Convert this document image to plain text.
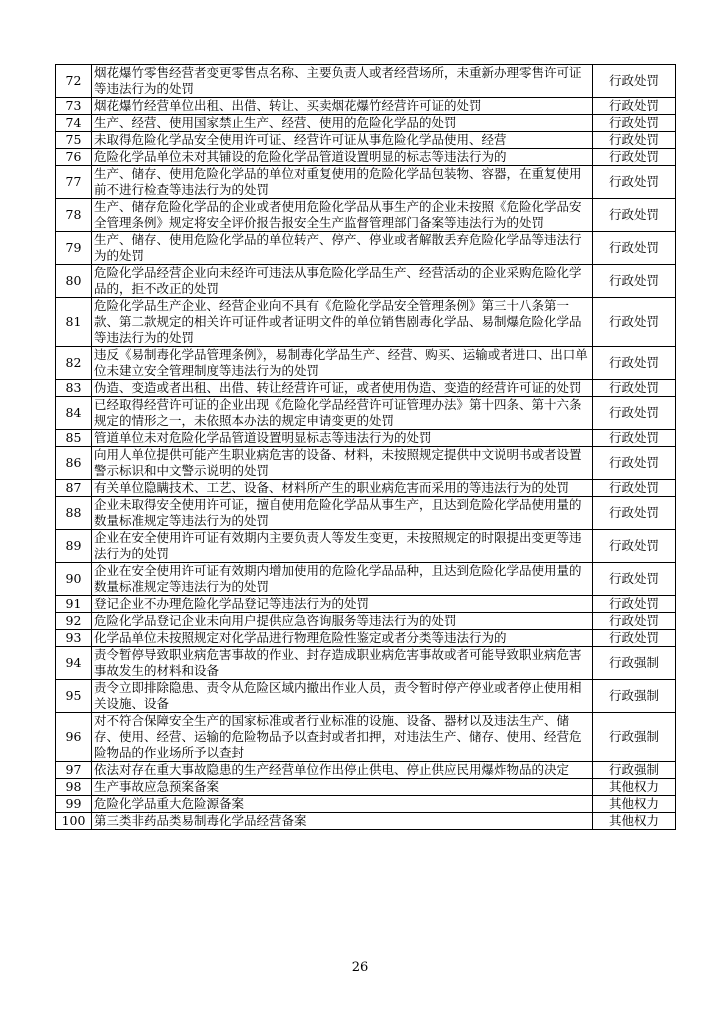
72	烟花爆竹零售经营者变更零售点名称、主要负责人或者经营场所，未重新办理零售许可证等违法行为的处罚	行政处罚
73	烟花爆竹经营单位出租、出借、转让、买卖烟花爆竹经营许可证的处罚	行政处罚
74	生产、经营、使用国家禁止生产、经营、使用的危险化学品的处罚	行政处罚
75	未取得危险化学品安全使用许可证、经营许可证从事危险化学品使用、经营	行政处罚
76	危险化学品单位未对其铺设的危险化学品管道设置明显的标志等违法行为的	行政处罚
77	生产、储存、使用危险化学品的单位对重复使用的危险化学品包装物、容器，在重复使用前不进行检查等违法行为的处罚	行政处罚
78	生产、储存危险化学品的企业或者使用危险化学品从事生产的企业未按照《危险化学品安全管理条例》规定将安全评价报告报安全生产监督管理部门备案等违法行为的处罚	行政处罚
79	生产、储存、使用危险化学品的单位转产、停产、停业或者解散丢弃危险化学品等违法行为的处罚	行政处罚
80	危险化学品经营企业向未经许可违法从事危险化学品生产、经营活动的企业采购危险化学品的，拒不改正的处罚	行政处罚
81	危险化学品生产企业、经营企业向不具有《危险化学品安全管理条例》第三十八条第一款、第二款规定的相关许可证件或者证明文件的单位销售剧毒化学品、易制爆危险化学品等违法行为的处罚	行政处罚
82	违反《易制毒化学品管理条例》，易制毒化学品生产、经营、购买、运输或者进口、出口单位未建立安全管理制度等违法行为的处罚	行政处罚
83	伪造、变造或者出租、出借、转让经营许可证，或者使用伪造、变造的经营许可证的处罚	行政处罚
84	已经取得经营许可证的企业出现《危险化学品经营许可证管理办法》第十四条、第十六条规定的情形之一，未依照本办法的规定申请变更的处罚	行政处罚
85	管道单位未对危险化学品管道设置明显标志等违法行为的处罚	行政处罚
86	向用人单位提供可能产生职业病危害的设备、材料，未按照规定提供中文说明书或者设置警示标识和中文警示说明的处罚	行政处罚
87	有关单位隐瞒技术、工艺、设备、材料所产生的职业病危害而采用的等违法行为的处罚	行政处罚
88	企业未取得安全使用许可证，擅自使用危险化学品从事生产，且达到危险化学品使用量的数量标准规定等违法行为的处罚	行政处罚
89	企业在安全使用许可证有效期内主要负责人等发生变更，未按照规定的时限提出变更等违法行为的处罚	行政处罚
90	企业在安全使用许可证有效期内增加使用的危险化学品品种，且达到危险化学品使用量的数量标准规定等违法行为的处罚	行政处罚
91	登记企业不办理危险化学品登记等违法行为的处罚	行政处罚
92	危险化学品登记企业未向用户提供应急咨询服务等违法行为的处罚	行政处罚
93	化学品单位未按照规定对化学品进行物理危险性鉴定或者分类等违法行为的	行政处罚
94	责令暂停导致职业病危害事故的作业、封存造成职业病危害事故或者可能导致职业病危害事故发生的材料和设备	行政强制
95	责令立即排除隐患、责令从危险区域内撤出作业人员，责令暂时停产停业或者停止使用相关设施、设备	行政强制
96	对不符合保障安全生产的国家标准或者行业标准的设施、设备、器材以及违法生产、储存、使用、经营、运输的危险物品予以查封或者扣押，对违法生产、储存、使用、经营危险物品的作业场所予以查封	行政强制
97	依法对存在重大事故隐患的生产经营单位作出停止供电、停止供应民用爆炸物品的决定	行政强制
98	生产事故应急预案备案	其他权力
99	危险化学品重大危险源备案	其他权力
100	第三类非药品类易制毒化学品经营备案	其他权力
26
